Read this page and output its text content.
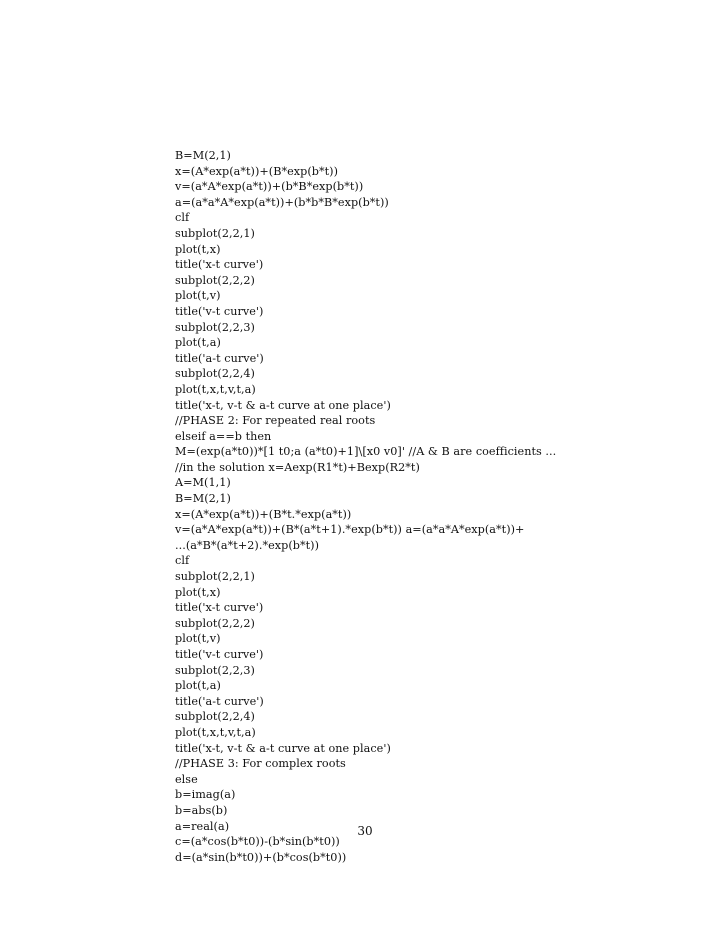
B=M(2,1)
x=(A*exp(a*t))+(B*exp(b*t))
v=(a*A*exp(a*t))+(b*B*exp(b*t))
a=(a*a*A*exp(a*t))+(b*b*B*exp(b*t))
clf
subplot(2,2,1)
plot(t,x)
title('x-t curve')
subplot(2,2,2)
plot(t,v)
title('v-t curve')
subplot(2,2,3)
plot(t,a)
title('a-t curve')
subplot(2,2,4)
plot(t,x,t,v,t,a)
title('x-t, v-t & a-t curve at one place')
//PHASE 2: For repeated real roots
elseif a==b then
M=(exp(a*t0))*[1 t0;a (a*t0)+1]\[x0 v0]' //A & B are coefficients ...
//in the solution x=Aexp(R1*t)+Bexp(R2*t)
A=M(1,1)
B=M(2,1)
x=(A*exp(a*t))+(B*t.*exp(a*t))
v=(a*A*exp(a*t))+(B*(a*t+1).*exp(b*t)) a=(a*a*A*exp(a*t))+
...(a*B*(a*t+2).*exp(b*t))
clf
subplot(2,2,1)
plot(t,x)
title('x-t curve')
subplot(2,2,2)
plot(t,v)
title('v-t curve')
subplot(2,2,3)
plot(t,a)
title('a-t curve')
subplot(2,2,4)
plot(t,x,t,v,t,a)
title('x-t, v-t & a-t curve at one place')
//PHASE 3: For complex roots
else
b=imag(a)
b=abs(b)
a=real(a)
c=(a*cos(b*t0))-(b*sin(b*t0))
d=(a*sin(b*t0))+(b*cos(b*t0))
30
